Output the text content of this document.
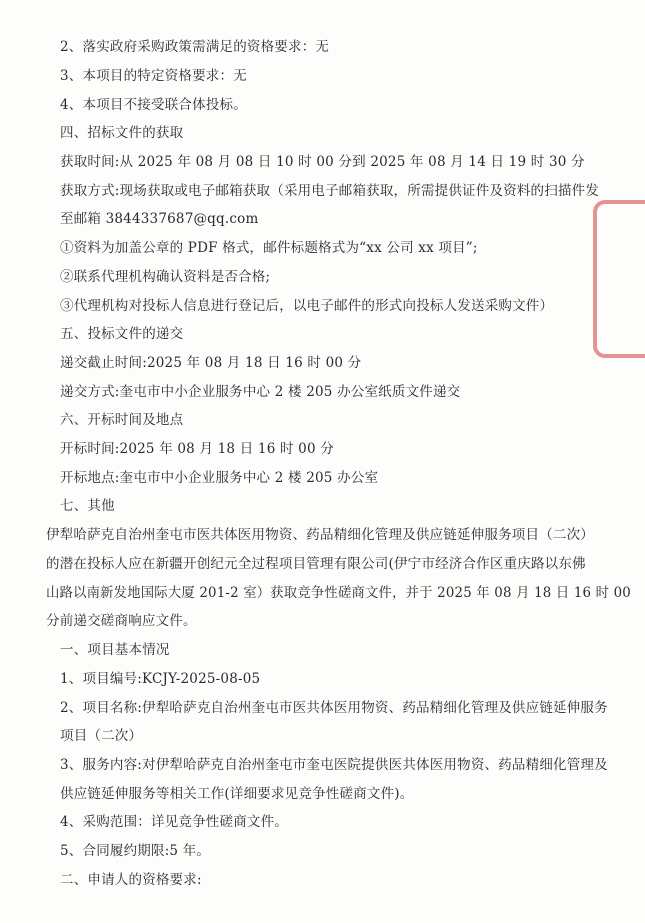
2、落实政府采购政策需满足的资格要求：无
3、本项目的特定资格要求：无
4、本项目不接受联合体投标。
四、招标文件的获取
获取时间:从 2025 年 08 月 08 日 10 时 00 分到 2025 年 08 月 14 日 19 时 30 分
获取方式:现场获取或电子邮箱获取（采用电子邮箱获取，所需提供证件及资料的扫描件发
至邮箱 3844337687@qq.com
①资料为加盖公章的 PDF 格式，邮件标题格式为“xx 公司 xx 项目”;
②联系代理机构确认资料是否合格;
③代理机构对投标人信息进行登记后，以电子邮件的形式向投标人发送采购文件）
五、投标文件的递交
递交截止时间:2025 年 08 月 18 日 16 时 00 分
递交方式:奎屯市中小企业服务中心 2 楼 205 办公室纸质文件递交
六、开标时间及地点
开标时间:2025 年 08 月 18 日 16 时 00 分
开标地点:奎屯市中小企业服务中心 2 楼 205 办公室
七、其他
伊犁哈萨克自治州奎屯市医共体医用物资、药品精细化管理及供应链延伸服务项目（二次）
的潜在投标人应在新疆开创纪元全过程项目管理有限公司(伊宁市经济合作区重庆路以东佛
山路以南新发地国际大厦 201-2 室）获取竞争性磋商文件，并于 2025 年 08 月 18 日 16 时 00
分前递交磋商响应文件。
一、项目基本情况
1、项目编号:KCJY-2025-08-05
2、项目名称:伊犁哈萨克自治州奎屯市医共体医用物资、药品精细化管理及供应链延伸服务
项目（二次）
3、服务内容:对伊犁哈萨克自治州奎屯市奎屯医院提供医共体医用物资、药品精细化管理及
供应链延伸服务等相关工作(详细要求见竞争性磋商文件)。
4、采购范围：详见竞争性磋商文件。
5、合同履约期限:5 年。
二、申请人的资格要求:
